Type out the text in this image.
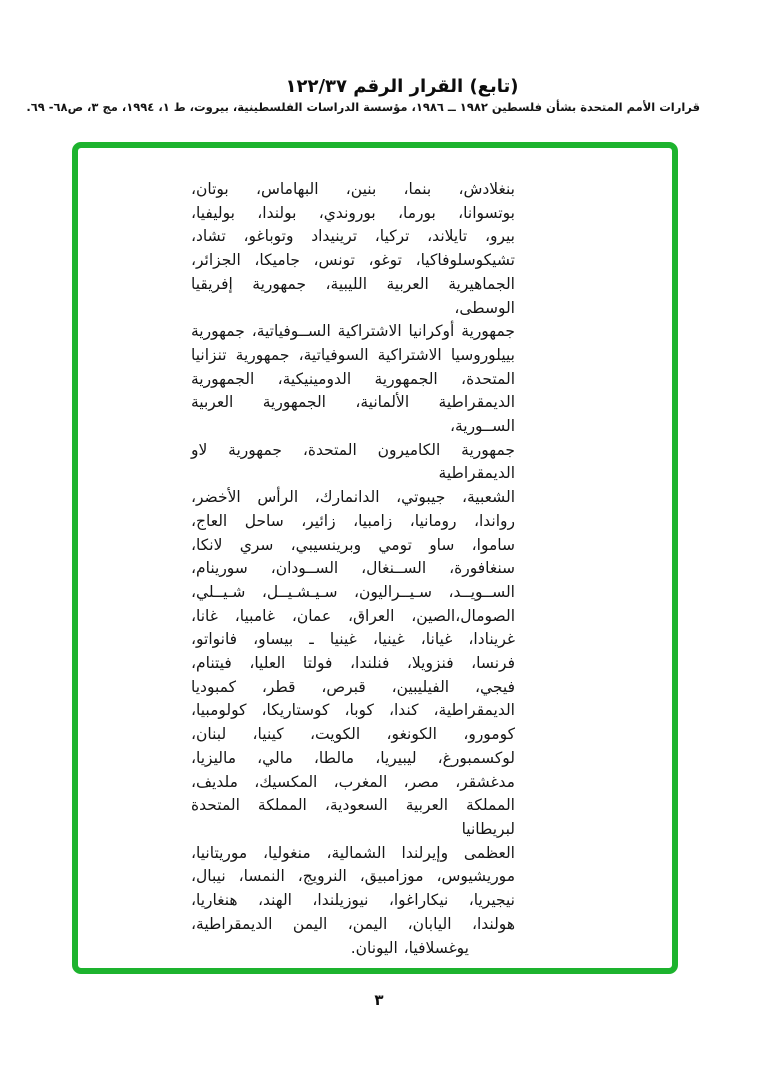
(تابع) القرار الرقم ١٢٢/٣٧
قرارات الأمم المتحدة بشأن فلسطين ١٩٨٢ ــ ١٩٨٦، مؤسسة الدراسات الفلسطينية، بيروت، ط ١، ١٩٩٤، مج ٣، ص٦٨- ٦٩.
بنغلادش، بنما، بنين، البهاماس، بوتان،
بوتسوانا، بورما، بوروندي، بولندا، بوليفيا،
بيرو، تايلاند، تركيا، ترينيداد وتوباغو، تشاد،
تشيكوسلوفاكيا، توغو، تونس، جاميكا، الجزائر،
الجماهيرية العربية الليبية، جمهورية إفريقيا الوسطى،
جمهورية أوكرانيا الاشتراكية الســوفياتية، جمهورية
بييلوروسيا الاشتراكية السوفياتية، جمهورية تنزانيا
المتحدة، الجمهورية الدومينيكية، الجمهورية
الديمقراطية الألمانية، الجمهورية العربية الســورية،
جمهورية الكاميرون المتحدة، جمهورية لاو الديمقراطية
الشعبية، جيبوتي، الدانمارك، الرأس الأخضر،
رواندا، رومانيا، زامبيا، زائير، ساحل العاج،
ساموا، ساو تومي وبرينسيبي، سري لانكا،
سنغافورة، الســنغال، الســودان، سورينام،
الســويــد، سـيــراليون، سـيـشـيــل، شـيــلي،
الصومال،الصين، العراق، عمان، غامبيا، غانا،
غرينادا، غيانا، غينيا، غينيا ـ بيساو، فانواتو،
فرنسا، فنزويلا، فنلندا، فولتا العليا، فيتنام،
فيجي، الفيليبين، قبرص، قطر، كمبوديا
الديمقراطية، كندا، كوبا، كوستاريكا، كولومبيا،
كومورو، الكونغو، الكويت، كينيا، لبنان،
لوكسمبورغ، ليبيريا، مالطا، مالي، ماليزيا،
مدغشقر، مصر، المغرب، المكسيك، ملديف،
المملكة العربية السعودية، المملكة المتحدة لبريطانيا
العظمى وإيرلندا الشمالية، منغوليا، موريتانيا،
موريشيوس، موزامبيق، النرويج، النمسا، نيبال،
نيجيريا، نيكاراغوا، نيوزيلندا، الهند، هنغاريا،
هولندا، اليابان، اليمن، اليمن الديمقراطية،
يوغسلافيا، اليونان.
٣
